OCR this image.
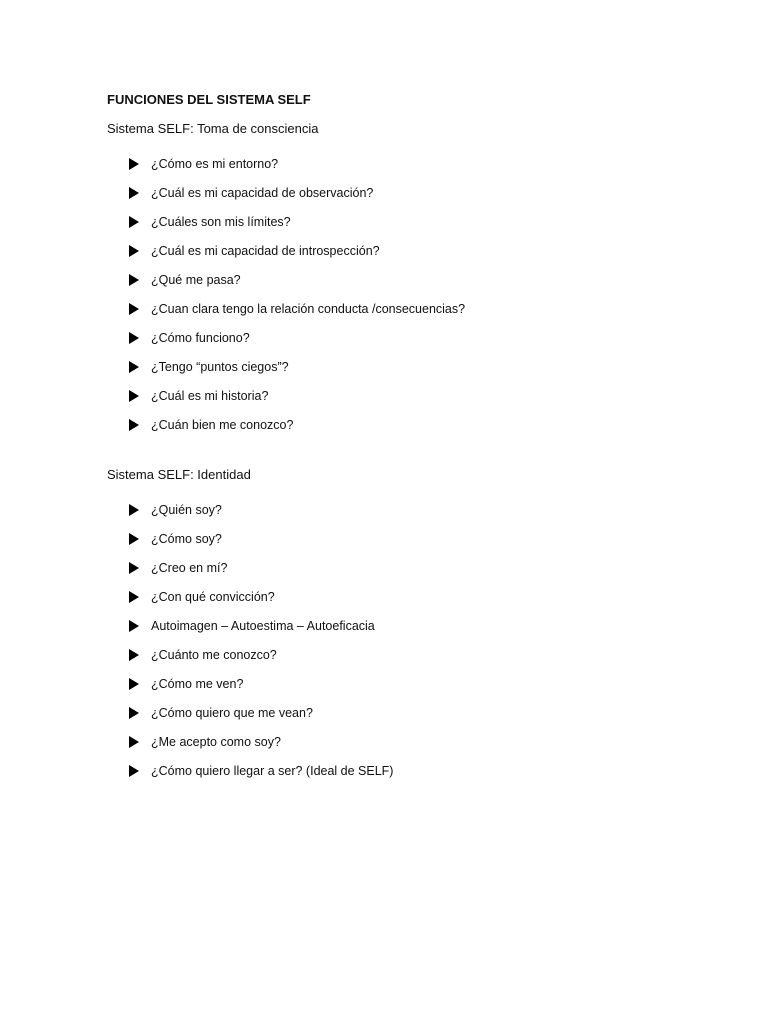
FUNCIONES DEL SISTEMA SELF
Sistema SELF: Toma de consciencia
¿Cómo es mi entorno?
¿Cuál es mi capacidad de observación?
¿Cuáles son mis límites?
¿Cuál es mi capacidad de introspección?
¿Qué me pasa?
¿Cuan clara tengo la relación conducta /consecuencias?
¿Cómo funciono?
¿Tengo “puntos ciegos”?
¿Cuál es mi historia?
¿Cuán bien me conozco?
Sistema SELF: Identidad
¿Quién soy?
¿Cómo soy?
¿Creo en mí?
¿Con qué convicción?
Autoimagen – Autoestima – Autoeficacia
¿Cuánto me conozco?
¿Cómo me ven?
¿Cómo quiero que me vean?
¿Me acepto como soy?
¿Cómo quiero llegar a ser? (Ideal de SELF)
